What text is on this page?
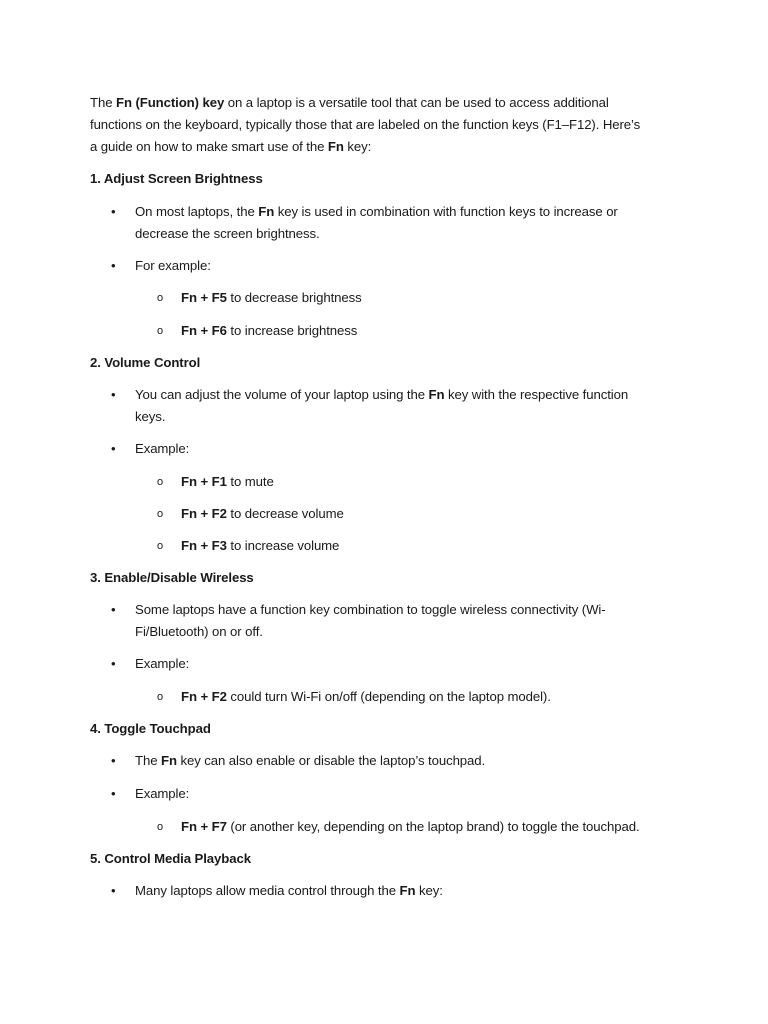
The Fn (Function) key on a laptop is a versatile tool that can be used to access additional
functions on the keyboard, typically those that are labeled on the function keys (F1–F12). Here’s
a guide on how to make smart use of the Fn key:

1. Adjust Screen Brightness

• On most laptops, the Fn key is used in combination with function keys to increase or
decrease the screen brightness.

• For example:

o Fn + F5 to decrease brightness

o Fn + F6 to increase brightness

2. Volume Control

• You can adjust the volume of your laptop using the Fn key with the respective function
keys.

• Example:

o Fn + F1 to mute

o Fn + F2 to decrease volume

o Fn + F3 to increase volume

3. Enable/Disable Wireless

• Some laptops have a function key combination to toggle wireless connectivity (Wi-
Fi/Bluetooth) on or off.

• Example:

o Fn + F2 could turn Wi-Fi on/off (depending on the laptop model).

4. Toggle Touchpad

• The Fn key can also enable or disable the laptop’s touchpad.

• Example:

o Fn + F7 (or another key, depending on the laptop brand) to toggle the touchpad.

5. Control Media Playback

• Many laptops allow media control through the Fn key:
